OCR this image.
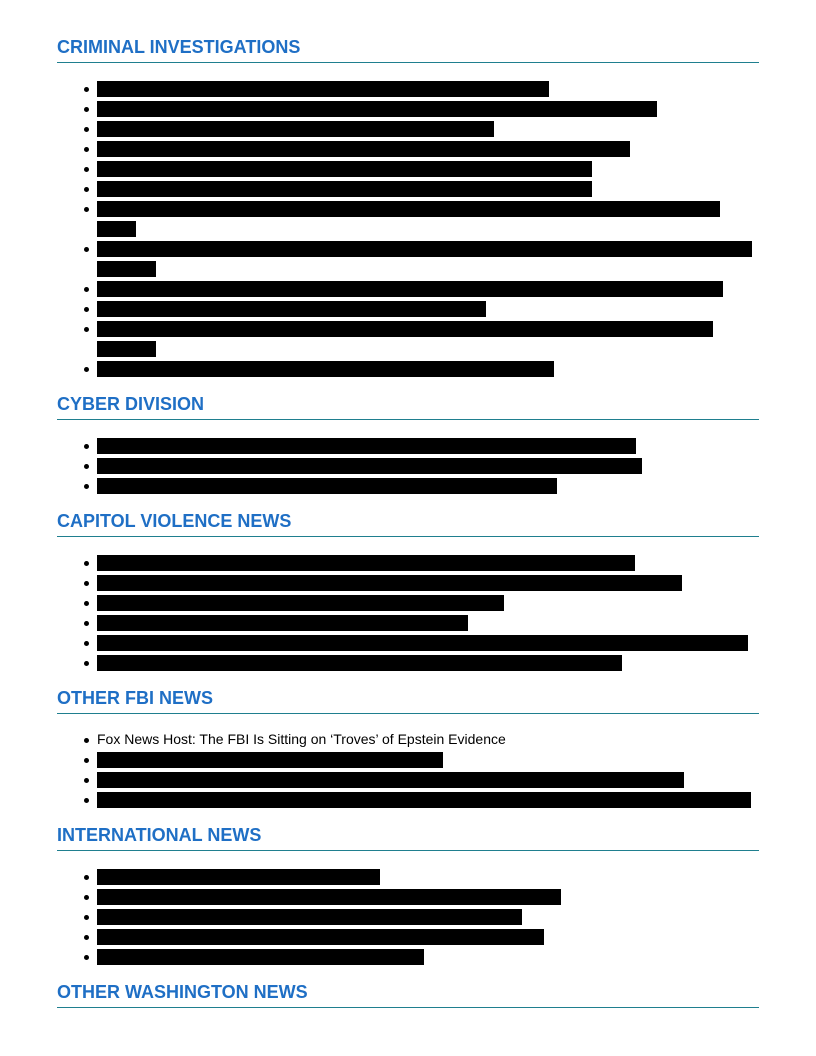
CRIMINAL INVESTIGATIONS
CYBER DIVISION
CAPITOL VIOLENCE NEWS
OTHER FBI NEWS
Fox News Host: The FBI Is Sitting on ‘Troves’ of Epstein Evidence
INTERNATIONAL NEWS
OTHER WASHINGTON NEWS
